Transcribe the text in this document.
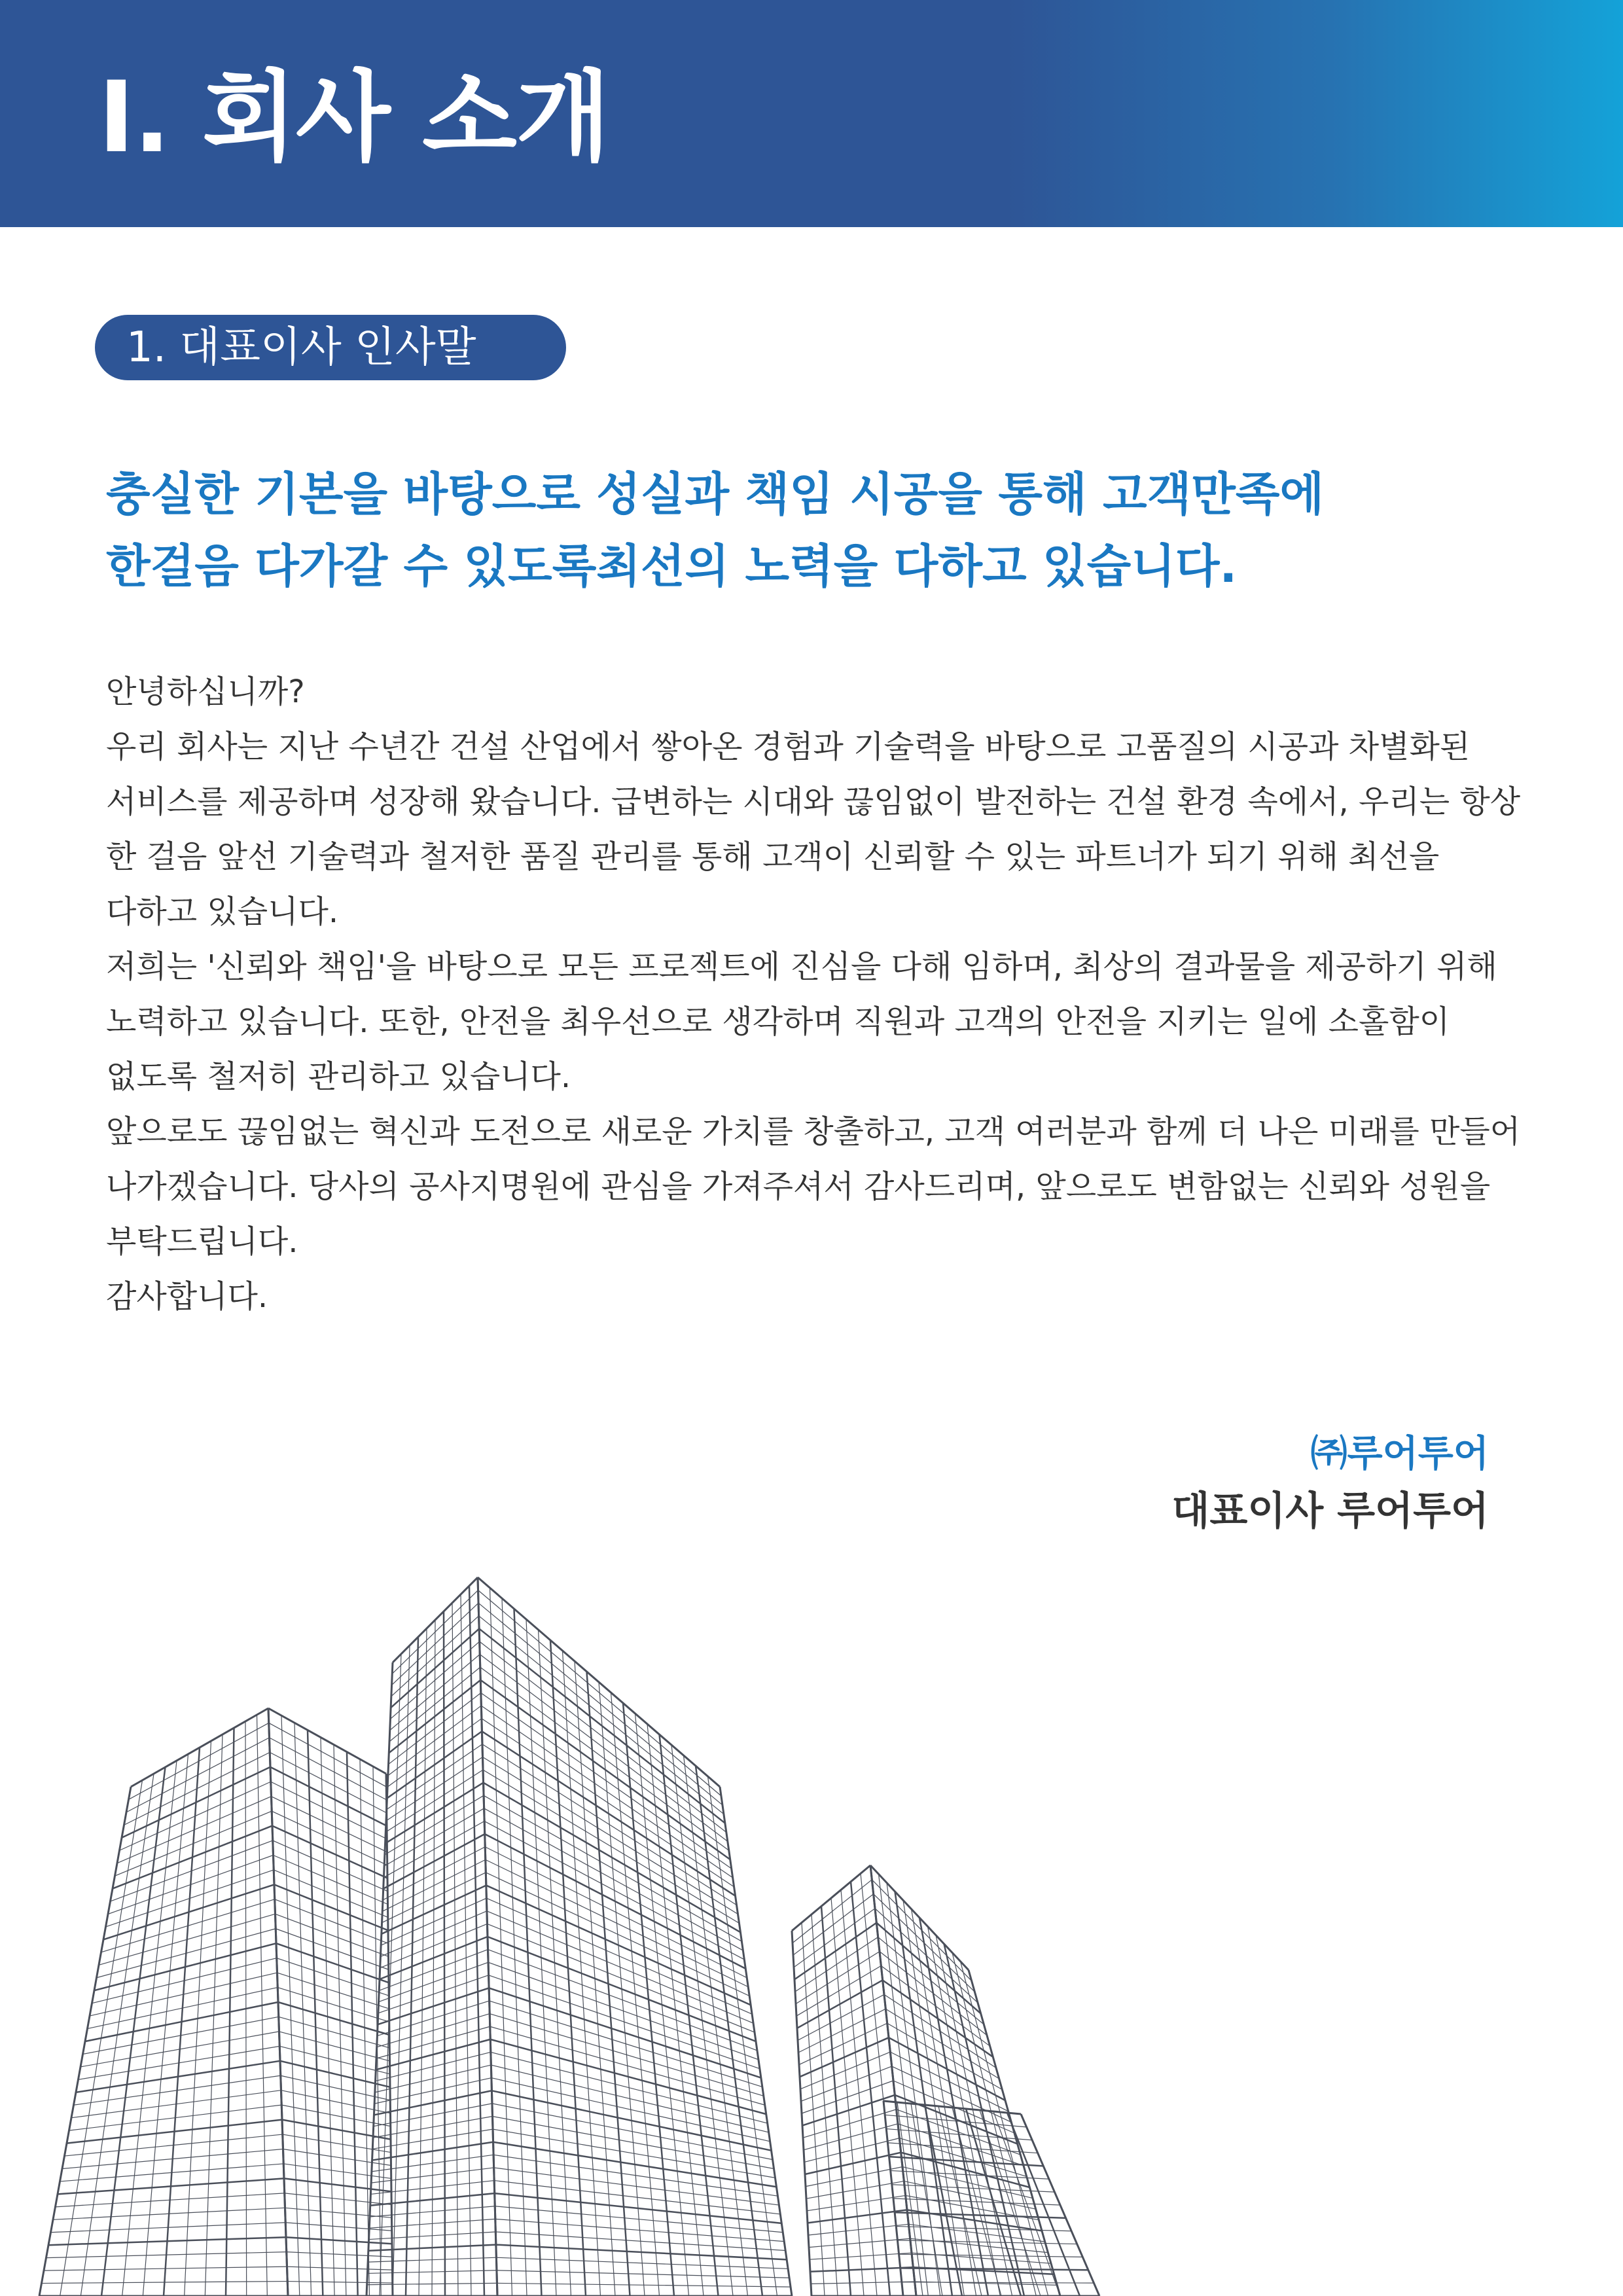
I. 회사 소개
1. 대표이사 인사말
충실한 기본을 바탕으로 성실과 책임 시공을 통해 고객만족에
한걸음 다가갈 수 있도록최선의 노력을 다하고 있습니다.
안녕하십니까?
우리 회사는 지난 수년간 건설 산업에서 쌓아온 경험과 기술력을 바탕으로 고품질의 시공과 차별화된
서비스를 제공하며 성장해 왔습니다. 급변하는 시대와 끊임없이 발전하는 건설 환경 속에서, 우리는 항상
한 걸음 앞선 기술력과 철저한 품질 관리를 통해 고객이 신뢰할 수 있는 파트너가 되기 위해 최선을
다하고 있습니다.
저희는 '신뢰와 책임'을 바탕으로 모든 프로젝트에 진심을 다해 임하며, 최상의 결과물을 제공하기 위해
노력하고 있습니다. 또한, 안전을 최우선으로 생각하며 직원과 고객의 안전을 지키는 일에 소홀함이
없도록 철저히 관리하고 있습니다.
앞으로도 끊임없는 혁신과 도전으로 새로운 가치를 창출하고, 고객 여러분과 함께 더 나은 미래를 만들어
나가겠습니다. 당사의 공사지명원에 관심을 가져주셔서 감사드리며, 앞으로도 변함없는 신뢰와 성원을
부탁드립니다.
감사합니다.
㈜루어투어
대표이사 루어투어
